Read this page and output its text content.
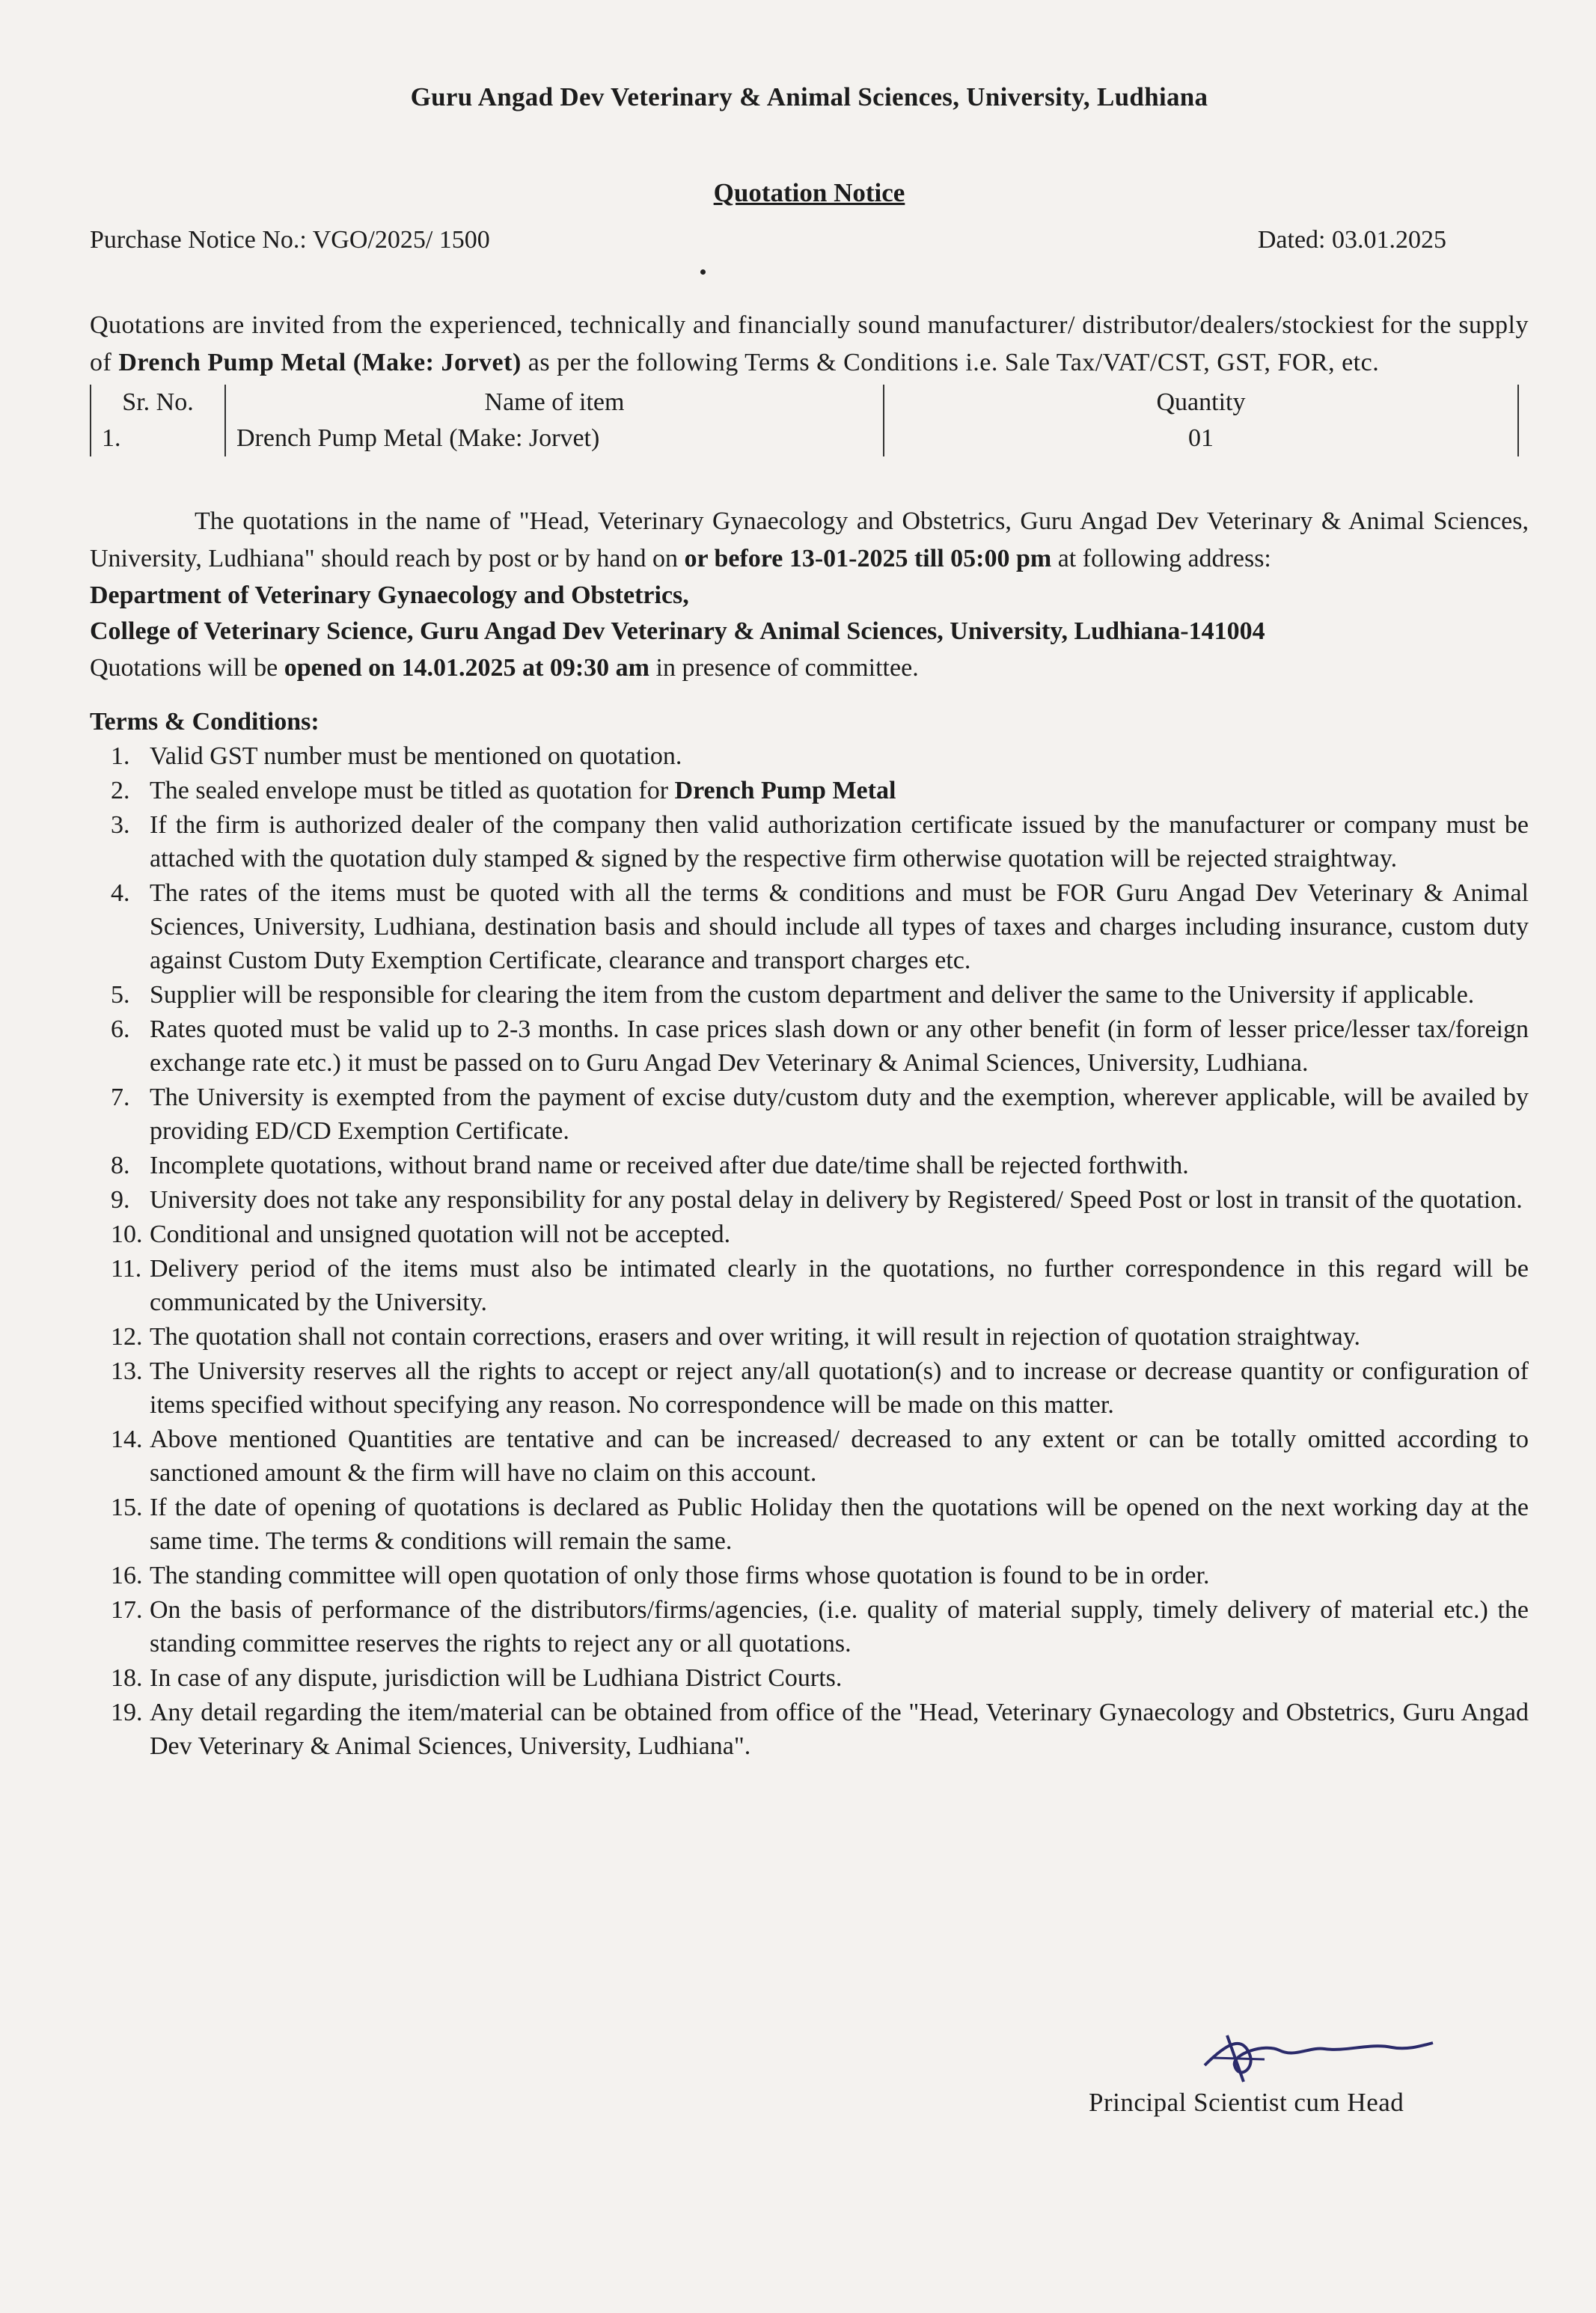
Guru Angad Dev Veterinary & Animal Sciences, University, Ludhiana
Quotation Notice
Purchase Notice No.: VGO/2025/ 1500	Dated: 03.01.2025
Quotations are invited from the experienced, technically and financially sound manufacturer/ distributor/dealers/stockiest for the supply of Drench Pump Metal (Make: Jorvet) as per the following Terms & Conditions i.e. Sale Tax/VAT/CST, GST, FOR, etc.
Sr. No.	Name of item	Quantity
1.	Drench Pump Metal (Make: Jorvet)	01
The quotations in the name of "Head, Veterinary Gynaecology and Obstetrics, Guru Angad Dev Veterinary & Animal Sciences, University, Ludhiana" should reach by post or by hand on or before 13-01-2025 till 05:00 pm at following address:
Department of Veterinary Gynaecology and Obstetrics,
College of Veterinary Science, Guru Angad Dev Veterinary & Animal Sciences, University, Ludhiana-141004
Quotations will be opened on 14.01.2025 at 09:30 am in presence of committee.
Terms & Conditions:
1. Valid GST number must be mentioned on quotation.
2. The sealed envelope must be titled as quotation for Drench Pump Metal
3. If the firm is authorized dealer of the company then valid authorization certificate issued by the manufacturer or company must be attached with the quotation duly stamped & signed by the respective firm otherwise quotation will be rejected straightway.
4. The rates of the items must be quoted with all the terms & conditions and must be FOR Guru Angad Dev Veterinary & Animal Sciences, University, Ludhiana, destination basis and should include all types of taxes and charges including insurance, custom duty against Custom Duty Exemption Certificate, clearance and transport charges etc.
5. Supplier will be responsible for clearing the item from the custom department and deliver the same to the University if applicable.
6. Rates quoted must be valid up to 2-3 months. In case prices slash down or any other benefit (in form of lesser price/lesser tax/foreign exchange rate etc.) it must be passed on to Guru Angad Dev Veterinary & Animal Sciences, University, Ludhiana.
7. The University is exempted from the payment of excise duty/custom duty and the exemption, wherever applicable, will be availed by providing ED/CD Exemption Certificate.
8. Incomplete quotations, without brand name or received after due date/time shall be rejected forthwith.
9. University does not take any responsibility for any postal delay in delivery by Registered/ Speed Post or lost in transit of the quotation.
10. Conditional and unsigned quotation will not be accepted.
11. Delivery period of the items must also be intimated clearly in the quotations, no further correspondence in this regard will be communicated by the University.
12. The quotation shall not contain corrections, erasers and over writing, it will result in rejection of quotation straightway.
13. The University reserves all the rights to accept or reject any/all quotation(s) and to increase or decrease quantity or configuration of items specified without specifying any reason. No correspondence will be made on this matter.
14. Above mentioned Quantities are tentative and can be increased/ decreased to any extent or can be totally omitted according to sanctioned amount & the firm will have no claim on this account.
15. If the date of opening of quotations is declared as Public Holiday then the quotations will be opened on the next working day at the same time. The terms & conditions will remain the same.
16. The standing committee will open quotation of only those firms whose quotation is found to be in order.
17. On the basis of performance of the distributors/firms/agencies, (i.e. quality of material supply, timely delivery of material etc.) the standing committee reserves the rights to reject any or all quotations.
18. In case of any dispute, jurisdiction will be Ludhiana District Courts.
19. Any detail regarding the item/material can be obtained from office of the "Head, Veterinary Gynaecology and Obstetrics, Guru Angad Dev Veterinary & Animal Sciences, University, Ludhiana".
Principal Scientist cum Head
